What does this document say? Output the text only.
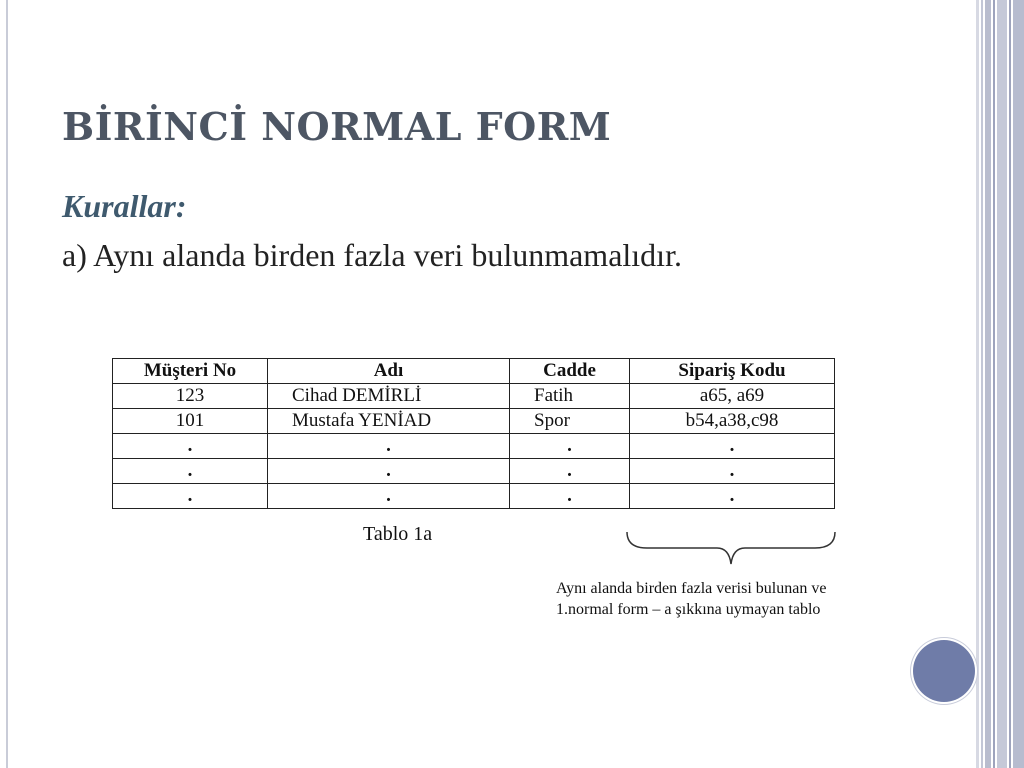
BİRİNCİ NORMAL FORM
Kurallar:
a) Aynı alanda birden fazla veri bulunmamalıdır.
Müşteri No	Adı	Cadde	Sipariş Kodu
123	Cihad DEMİRLİ	Fatih	a65, a69
101	Mustafa YENİAD	Spor	b54,a38,c98
.	.	.	.
.	.	.	.
.	.	.	.
Tablo 1a
Aynı alanda birden fazla verisi bulunan ve
1.normal form – a şıkkına uymayan tablo
